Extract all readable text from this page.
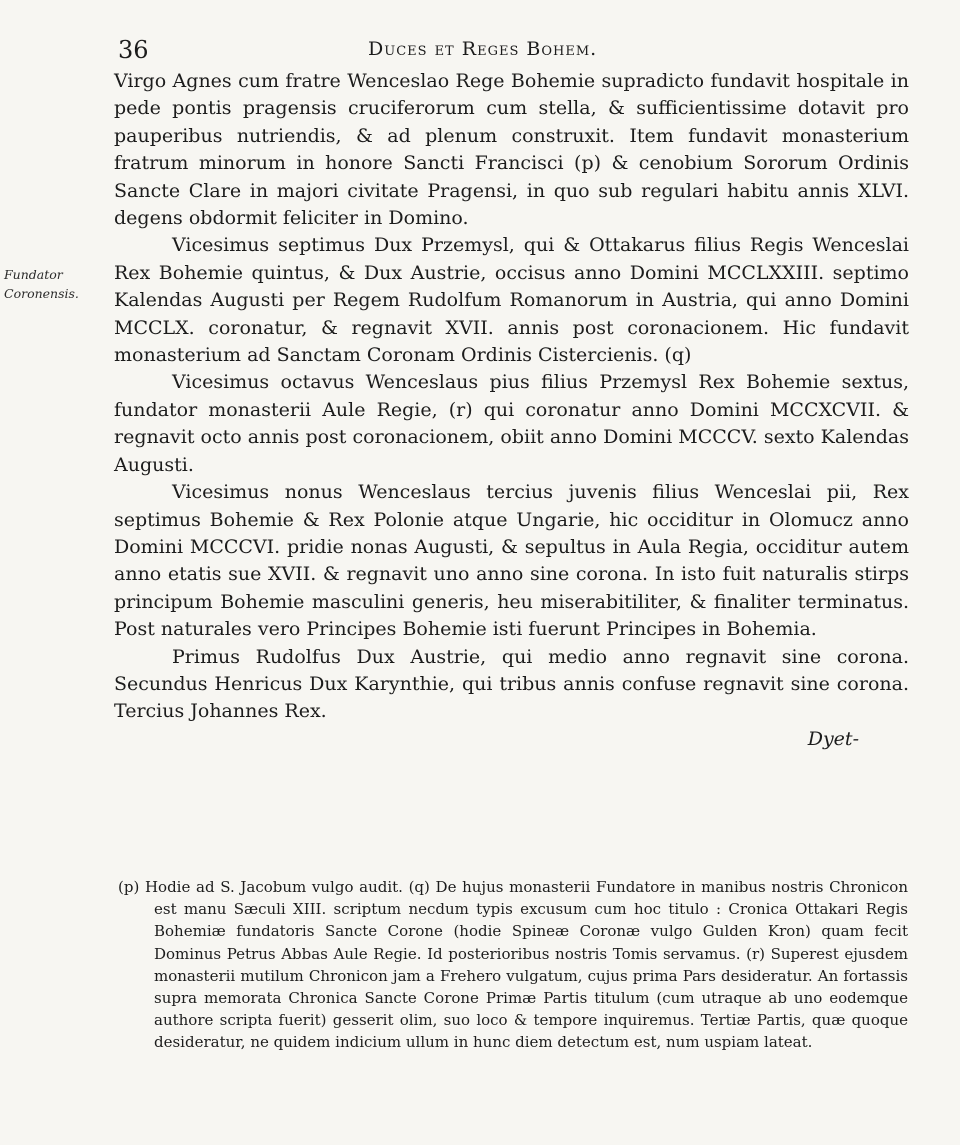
36	Duces et Reges Bohem.
Fundator
Coronensis.

Virgo Agnes cum fratre Wenceslao Rege Bohemie supradicto fundavit hospitale in pede pontis pragensis cruciferorum cum stella, & sufficientissime dotavit pro pauperibus nutriendis, & ad plenum construxit. Item fundavit monasterium fratrum minorum in honore Sancti Francisci (p) & cenobium Sororum Ordinis Sancte Clare in majori civitate Pragensi, in quo sub regulari habitu annis XLVI. degens obdormit feliciter in Domino.

Vicesimus septimus Dux Przemysl, qui & Ottakarus filius Regis Wenceslai Rex Bohemie quintus, & Dux Austrie, occisus anno Domini MCCLXXIII. septimo Kalendas Augusti per Regem Rudolfum Romanorum in Austria, qui anno Domini MCCLX. coronatur, & regnavit XVII. annis post coronacionem. Hic fundavit monasterium ad Sanctam Coronam Ordinis Cistercienis. (q)

Vicesimus octavus Wenceslaus pius filius Przemysl Rex Bohemie sextus, fundator monasterii Aule Regie, (r) qui coronatur anno Domini MCCXCVII. & regnavit octo annis post coronacionem, obiit anno Domini MCCCV. sexto Kalendas Augusti.

Vicesimus nonus Wenceslaus tercius juvenis filius Wenceslai pii, Rex septimus Bohemie & Rex Polonie atque Ungarie, hic occiditur in Olomucz anno Domini MCCCVI. pridie nonas Augusti, & sepultus in Aula Regia, occiditur autem anno etatis sue XVII. & regnavit uno anno sine corona. In isto fuit naturalis stirps principum Bohemie masculini generis, heu miserabitiliter, & finaliter terminatus. Post naturales vero Principes Bohemie isti fuerunt Principes in Bohemia.

Primus Rudolfus Dux Austrie, qui medio anno regnavit sine corona. Secundus Henricus Dux Karynthie, qui tribus annis confuse regnavit sine corona. Tercius Johannes Rex.

Dyet-

(p) Hodie ad S. Jacobum vulgo audit. (q) De hujus monasterii Fundatore in manibus nostris Chronicon est manu Sæculi XIII. scriptum necdum typis excusum cum hoc titulo : Cronica Ottakari Regis Bohemiæ fundatoris Sancte Corone (hodie Spineæ Coronæ vulgo Gulden Kron) quam fecit Dominus Petrus Abbas Aule Regie. Id posterioribus nostris Tomis servamus. (r) Superest ejusdem monasterii mutilum Chronicon jam a Frehero vulgatum, cujus prima Pars desideratur. An fortassis supra memorata Chronica Sancte Corone Primæ Partis titulum (cum utraque ab uno eodemque authore scripta fuerit) gesserit olim, suo loco & tempore inquiremus. Tertiæ Partis, quæ quoque desideratur, ne quidem indicium ullum in hunc diem detectum est, num uspiam lateat.
